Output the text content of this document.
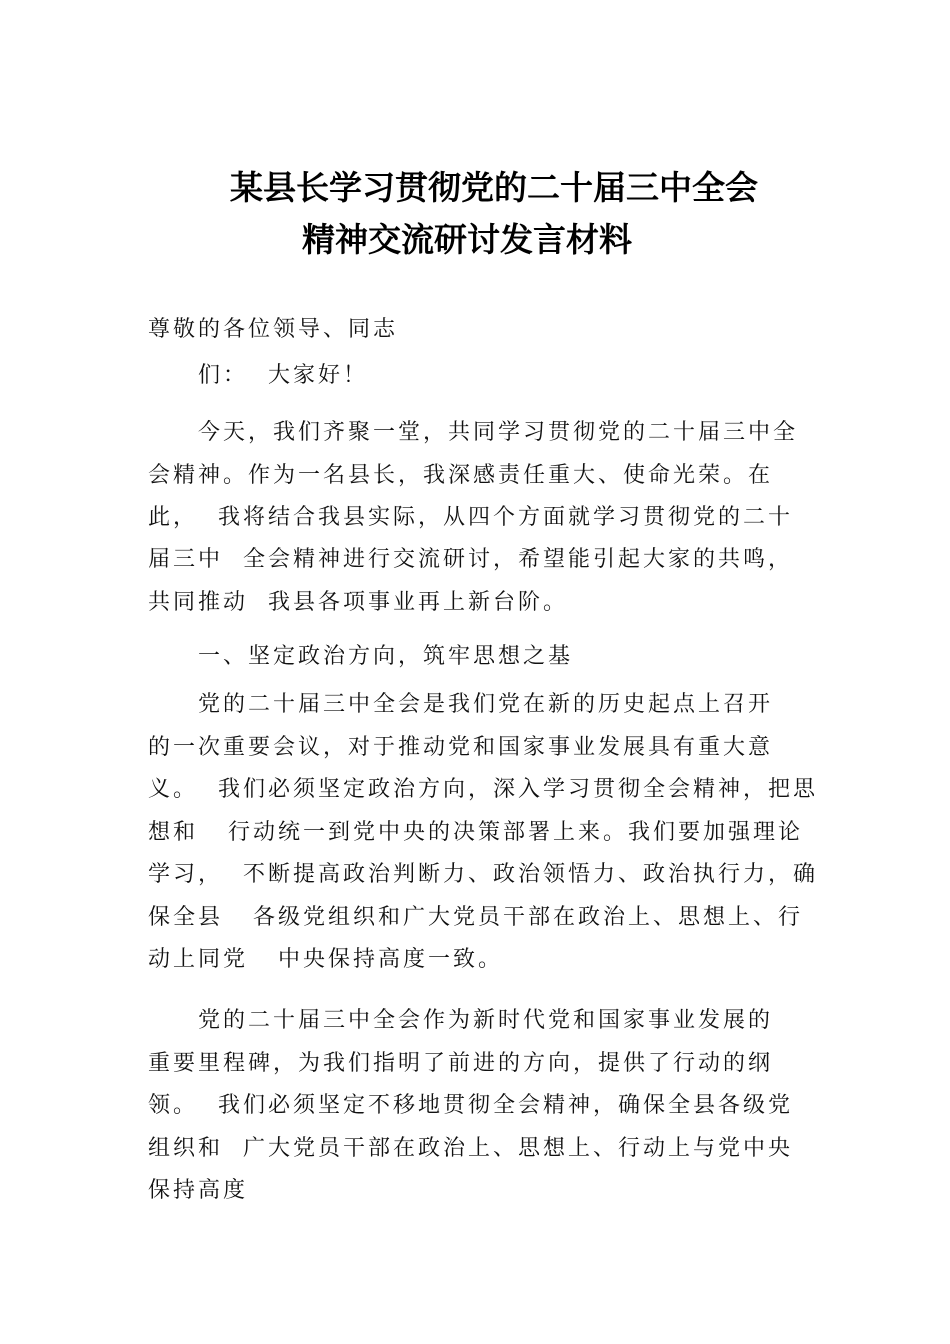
某县长学习贯彻党的二十届三中全会
精神交流研讨发言材料
尊敬的各位领导、同志
们：  大家好！
今天，我们齐聚一堂，共同学习贯彻党的二十届三中全
会精神。作为一名县长，我深感责任重大、使命光荣。在
此，  我将结合我县实际，从四个方面就学习贯彻党的二十
届三中  全会精神进行交流研讨，希望能引起大家的共鸣，
共同推动  我县各项事业再上新台阶。
一、坚定政治方向，筑牢思想之基
党的二十届三中全会是我们党在新的历史起点上召开
的一次重要会议，对于推动党和国家事业发展具有重大意
义。  我们必须坚定政治方向，深入学习贯彻全会精神，把思
想和   行动统一到党中央的决策部署上来。我们要加强理论
学习，  不断提高政治判断力、政治领悟力、政治执行力，确
保全县   各级党组织和广大党员干部在政治上、思想上、行
动上同党   中央保持高度一致。
党的二十届三中全会作为新时代党和国家事业发展的
重要里程碑，为我们指明了前进的方向，提供了行动的纲
领。  我们必须坚定不移地贯彻全会精神，确保全县各级党
组织和  广大党员干部在政治上、思想上、行动上与党中央
保持高度
